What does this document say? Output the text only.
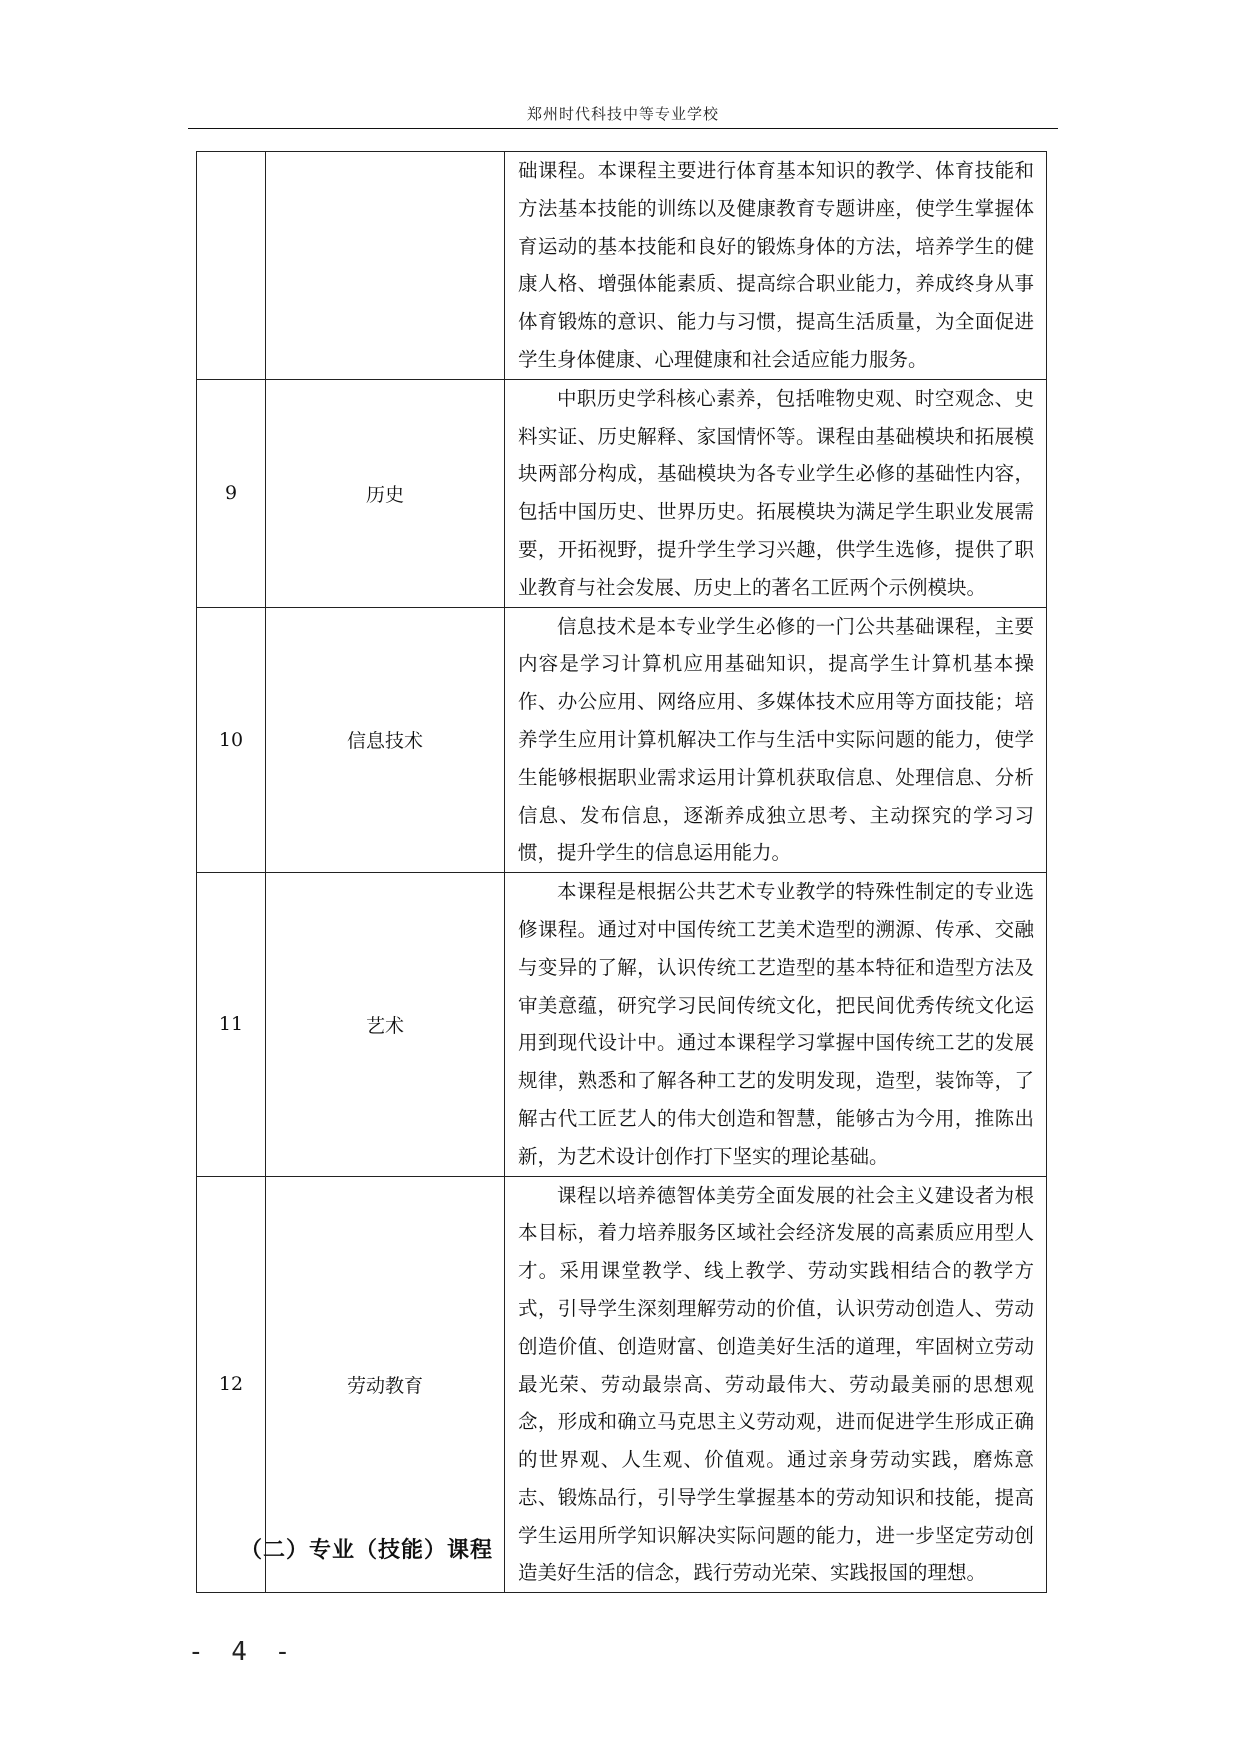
郑州时代科技中等专业学校

		础课程。本课程主要进行体育基本知识的教学、体育技能和方法基本技能的训练以及健康教育专题讲座，使学生掌握体育运动的基本技能和良好的锻炼身体的方法，培养学生的健康人格、增强体能素质、提高综合职业能力，养成终身从事体育锻炼的意识、能力与习惯，提高生活质量，为全面促进学生身体健康、心理健康和社会适应能力服务。

9	历史	中职历史学科核心素养，包括唯物史观、时空观念、史料实证、历史解释、家国情怀等。课程由基础模块和拓展模块两部分构成，基础模块为各专业学生必修的基础性内容，包括中国历史、世界历史。拓展模块为满足学生职业发展需要，开拓视野，提升学生学习兴趣，供学生选修，提供了职业教育与社会发展、历史上的著名工匠两个示例模块。

10	信息技术	信息技术是本专业学生必修的一门公共基础课程，主要内容是学习计算机应用基础知识，提高学生计算机基本操作、办公应用、网络应用、多媒体技术应用等方面技能；培养学生应用计算机解决工作与生活中实际问题的能力，使学生能够根据职业需求运用计算机获取信息、处理信息、分析信息、发布信息，逐渐养成独立思考、主动探究的学习习惯，提升学生的信息运用能力。

11	艺术	本课程是根据公共艺术专业教学的特殊性制定的专业选修课程。通过对中国传统工艺美术造型的溯源、传承、交融与变异的了解，认识传统工艺造型的基本特征和造型方法及审美意蕴，研究学习民间传统文化，把民间优秀传统文化运用到现代设计中。通过本课程学习掌握中国传统工艺的发展规律，熟悉和了解各种工艺的发明发现，造型，装饰等，了解古代工匠艺人的伟大创造和智慧，能够古为今用，推陈出新，为艺术设计创作打下坚实的理论基础。

12	劳动教育	课程以培养德智体美劳全面发展的社会主义建设者为根本目标，着力培养服务区域社会经济发展的高素质应用型人才。采用课堂教学、线上教学、劳动实践相结合的教学方式，引导学生深刻理解劳动的价值，认识劳动创造人、劳动创造价值、创造财富、创造美好生活的道理，牢固树立劳动最光荣、劳动最崇高、劳动最伟大、劳动最美丽的思想观念，形成和确立马克思主义劳动观，进而促进学生形成正确的世界观、人生观、价值观。通过亲身劳动实践，磨炼意志、锻炼品行，引导学生掌握基本的劳动知识和技能，提高学生运用所学知识解决实际问题的能力，进一步坚定劳动创造美好生活的信念，践行劳动光荣、实践报国的理想。
（二）专业（技能）课程
- 4 -
